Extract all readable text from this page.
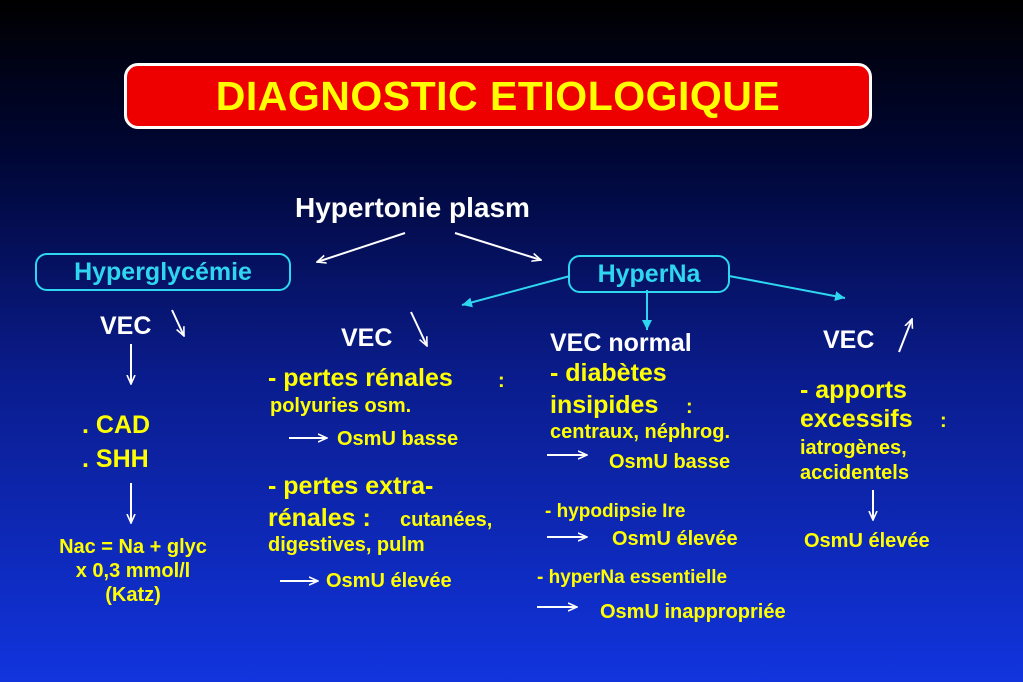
DIAGNOSTIC ETIOLOGIQUE
Hypertonie plasm
Hyperglycémie	HyperNa
VEC
. CAD
. SHH
Nac = Na + glyc
x 0,3 mmol/l
(Katz)
VEC
- pertes rénales :
polyuries osm.
OsmU basse
- pertes extra-
rénales : cutanées,
digestives, pulm
OsmU élevée
VEC normal
- diabètes
insipides :
centraux, néphrog.
OsmU basse
- hypodipsie Ire
OsmU élevée
- hyperNa essentielle
OsmU inappropriée
VEC
- apports
excessifs :
iatrogènes,
accidentels
OsmU élevée
